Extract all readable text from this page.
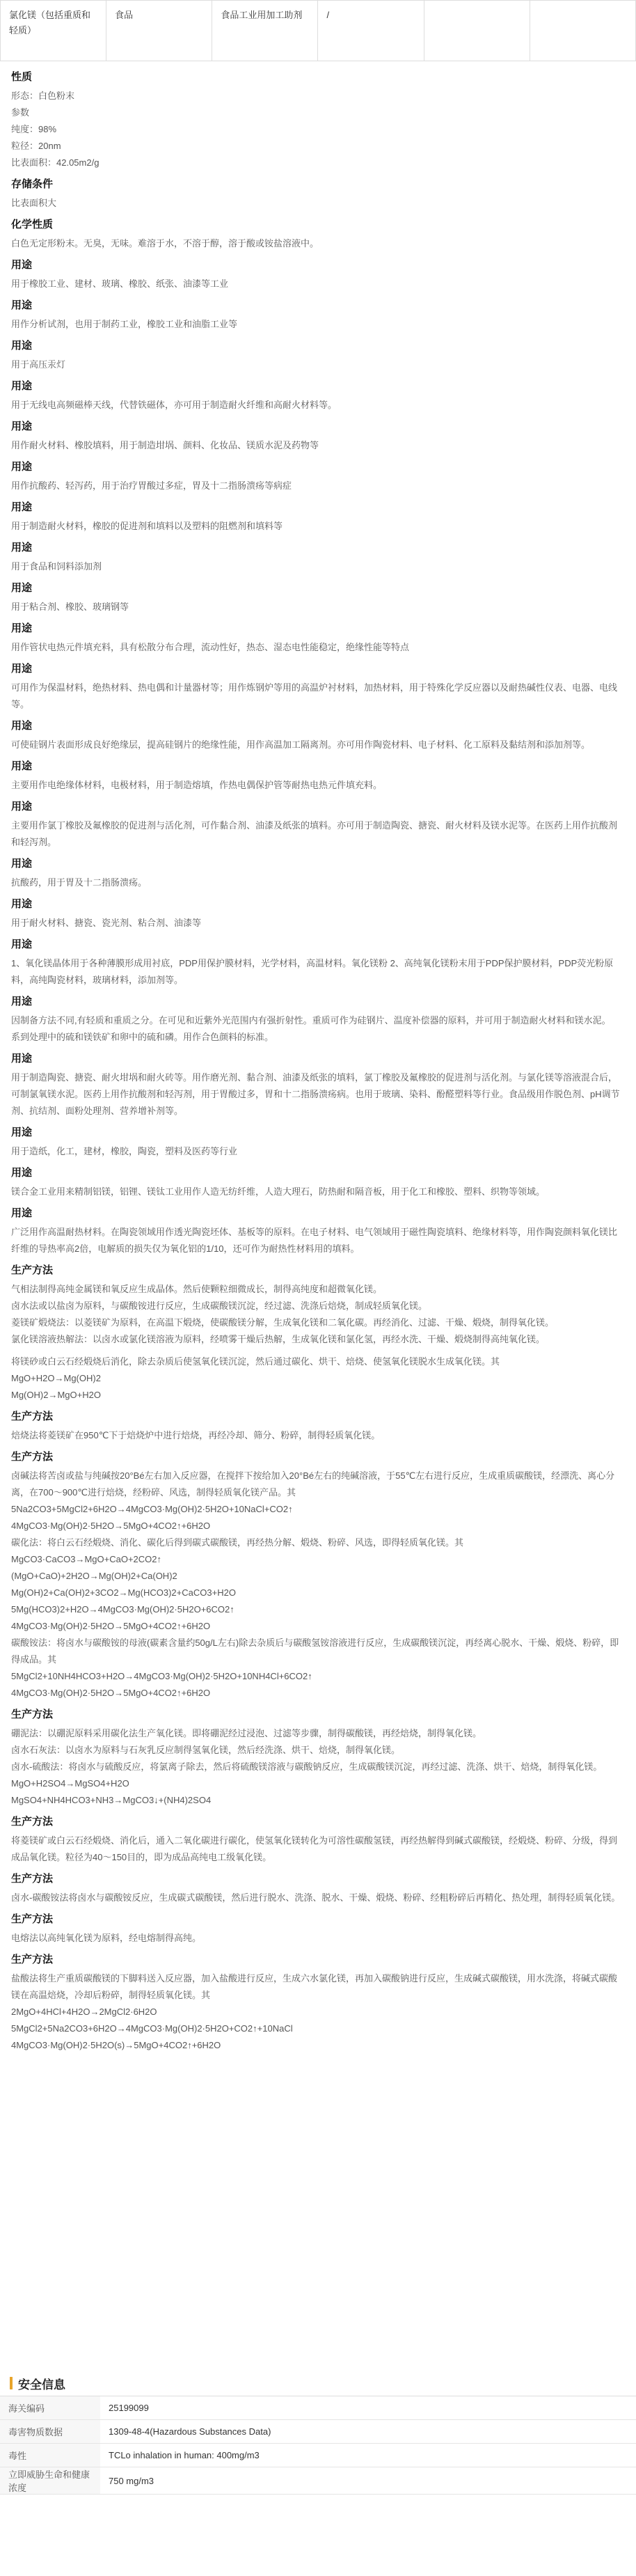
氯化镁（包括重质和轻质）	食品	食品工业用加工助剂	/		
性质

形态：白色粉末

参数

纯度：98%

粒径：20nm

比表面积：42.05m2/g

存储条件

比表面积大

化学性质

白色无定形粉末。无臭，无味。难溶于水，不溶于醇，溶于酸或铵盐溶液中。

用途

用于橡胶工业、建材、玻璃、橡胶、纸张、油漆等工业

用途

用作分析试剂，也用于制药工业，橡胶工业和油脂工业等

用途

用于高压汞灯

用途

用于无线电高频磁棒天线，代替铁磁体，亦可用于制造耐火纤维和高耐火材料等。

用途

用作耐火材料、橡胶填料，用于制造坩埚、颜料、化妆品、镁质水泥及药物等

用途

用作抗酸药、轻泻药，用于治疗胃酸过多症，胃及十二指肠溃疡等病症

用途

用于制造耐火材料，橡胶的促进剂和填料以及塑料的阻燃剂和填料等

用途

用于食品和饲料添加剂

用途

用于粘合剂、橡胶、玻璃钢等

用途

用作管状电热元件填充料，具有松散分布合理，流动性好，热态、湿态电性能稳定，绝缘性能等特点

用途

可用作为保温材料，绝热材料、热电偶和计量器材等；用作炼钢炉等用的高温炉衬材料，加热材料，用于特殊化学反应器以及耐热碱性仪表、电器、电线等。

用途

可使硅钢片表面形成良好绝缘层，提高硅钢片的绝缘性能，用作高温加工隔离剂。亦可用作陶瓷材料、电子材料、化工原料及黏结剂和添加剂等。

用途

主要用作电绝缘体材料，电极材料，用于制造熔填，作热电偶保护管等耐热电热元件填充料。

用途

主要用作氯丁橡胶及氟橡胶的促进剂与活化剂，可作黏合剂、油漆及纸张的填料。亦可用于制造陶瓷、搪瓷、耐火材料及镁水泥等。在医药上用作抗酸剂和轻泻剂。

用途

抗酸药，用于胃及十二指肠溃疡。

用途

用于耐火材料、搪瓷、瓷光剂、粘合剂、油漆等

用途

1、氧化镁晶体用于各种薄膜形成用衬底，PDP用保护膜材料，光学材料，高温材料。氧化镁粉 2、高纯氧化镁粉末用于PDP保护膜材料，PDP荧光粉原料，高纯陶瓷材料，玻璃材料，添加剂等。

用途

因制备方法不同,有轻质和重质之分。在可见和近紫外光范围内有强折射性。重质可作为硅钢片、温度补偿器的原料，并可用于制造耐火材料和镁水泥。

系到处理中的硫和镁铁矿和卵中的硫和磷。用作合色颜料的标准。

用途

用于制造陶瓷、搪瓷、耐火坩埚和耐火砖等。用作磨光剂、黏合剂、油漆及纸张的填料，氯丁橡胶及氟橡胶的促进剂与活化剂。与氯化镁等溶液混合后，可制氯氧镁水泥。医药上用作抗酸剂和轻泻剂，用于胃酸过多，胃和十二指肠溃疡病。也用于玻璃、染料、酚醛塑料等行业。食品级用作脱色剂、pH调节剂、抗结剂、面粉处理剂、营养增补剂等。

用途

用于造纸，化工，建材，橡胶，陶瓷，塑料及医药等行业

用途

镁合金工业用来精制铝镁，铝锂、镁钛工业用作人造无纺纤维，人造大理石，防热耐和隔音板，用于化工和橡胶、塑料、织物等领域。

用途

广泛用作高温耐热材料。在陶瓷领域用作透光陶瓷坯体、基板等的原料。在电子材料、电气领域用于磁性陶瓷填料、绝缘材料等，用作陶瓷颜料氧化镁比纤维的导热率高2倍，电解质的损失仅为氧化铝的1/10，还可作为耐热性材料用的填料。

生产方法

气相法制得高纯金属镁和氧反应生成晶体。然后使颗粒细微成长，制得高纯度和超微氧化镁。

卤水法或以盐卤为原料，与碳酸铵进行反应，生成碳酸镁沉淀，经过滤、洗涤后焙烧，制成轻质氧化镁。

菱镁矿煅烧法：以菱镁矿为原料，在高温下煅烧，使碳酸镁分解，生成氧化镁和二氧化碳。再经消化、过滤、干燥、煅烧，制得氧化镁。

氯化镁溶液热解法：以卤水或氯化镁溶液为原料，经喷雾干燥后热解，生成氧化镁和氯化氢，再经水洗、干燥、煅烧制得高纯氧化镁。

将镁砂或白云石经煅烧后消化，除去杂质后使氢氧化镁沉淀，然后通过碳化、烘干、焙烧、使氢氧化镁脱水生成氧化镁。其

MgO+H2O→Mg(OH)2

Mg(OH)2→MgO+H2O

生产方法

焙烧法将菱镁矿在950℃下于焙烧炉中进行焙烧，再经冷却、筛分、粉碎，制得轻质氧化镁。

生产方法

卤碱法将苦卤或盐与纯碱按20°Bé左右加入反应器，在搅拌下按给加入20°Bé左右的纯碱溶液，于55℃左右进行反应，生成重质碳酸镁，经漂洗、离心分离，在700～900℃进行焙烧，经粉碎、风选，制得轻质氧化镁产品。其

5Na2CO3+5MgCl2+6H2O→4MgCO3·Mg(OH)2·5H2O+10NaCl+CO2↑

4MgCO3·Mg(OH)2·5H2O→5MgO+4CO2↑+6H2O

碳化法：将白云石经煅烧、消化、碳化后得到碳式碳酸镁，再经热分解、煅烧、粉碎、风选，即得轻质氧化镁。其

MgCO3·CaCO3→MgO+CaO+2CO2↑

(MgO+CaO)+2H2O→Mg(OH)2+Ca(OH)2

Mg(OH)2+Ca(OH)2+3CO2→Mg(HCO3)2+CaCO3+H2O

5Mg(HCO3)2+H2O→4MgCO3·Mg(OH)2·5H2O+6CO2↑

4MgCO3·Mg(OH)2·5H2O→5MgO+4CO2↑+6H2O

碳酸铵法：将卤水与碳酸铵的母液(碳素含量约50g/L左右)除去杂质后与碳酸氢铵溶液进行反应，生成碳酸镁沉淀，再经离心脱水、干燥、煅烧、粉碎，即得成品。其

5MgCl2+10NH4HCO3+H2O→4MgCO3·Mg(OH)2·5H2O+10NH4Cl+6CO2↑

4MgCO3·Mg(OH)2·5H2O→5MgO+4CO2↑+6H2O

生产方法

硼泥法：以硼泥原料采用碳化法生产氧化镁。即将硼泥经过浸泡、过滤等步骤，制得碳酸镁，再经焙烧，制得氧化镁。

卤水石灰法：以卤水为原料与石灰乳反应制得氢氧化镁，然后经洗涤、烘干、焙烧，制得氧化镁。

卤水-硫酸法：将卤水与硫酸反应，将氯离子除去，然后将硫酸镁溶液与碳酸钠反应，生成碳酸镁沉淀，再经过滤、洗涤、烘干、焙烧，制得氧化镁。

MgO+H2SO4→MgSO4+H2O

MgSO4+NH4HCO3+NH3→MgCO3↓+(NH4)2SO4

生产方法

将菱镁矿或白云石经煅烧、消化后，通入二氧化碳进行碳化，使氢氧化镁转化为可溶性碳酸氢镁，再经热解得到碱式碳酸镁，经煅烧、粉碎、分级，得到成品氧化镁。粒径为40～150目的，即为成品高纯电工级氧化镁。

生产方法

卤水-碳酸铵法将卤水与碳酸铵反应，生成碳式碳酸镁，然后进行脱水、洗涤、脱水、干燥、煅烧、粉碎、经粗粉碎后再精化、热处理，制得轻质氧化镁。

生产方法

电熔法以高纯氧化镁为原料，经电熔制得高纯。

生产方法

盐酸法将生产重质碳酸镁的下脚料送入反应器，加入盐酸进行反应，生成六水氯化镁，再加入碳酸钠进行反应，生成碱式碳酸镁，用水洗涤，将碱式碳酸镁在高温焙烧，冷却后粉碎，制得轻质氧化镁。其

2MgO+4HCl+4H2O→2MgCl2·6H2O

5MgCl2+5Na2CO3+6H2O→4MgCO3·Mg(OH)2·5H2O+CO2↑+10NaCl

4MgCO3·Mg(OH)2·5H2O(s)→5MgO+4CO2↑+6H2O

安全信息
海关编码	25199099
毒害物质数据	1309-48-4(Hazardous Substances Data)
毒性	TCLo inhalation in human: 400mg/m3
立即威胁生命和健康浓度	750 mg/m3
